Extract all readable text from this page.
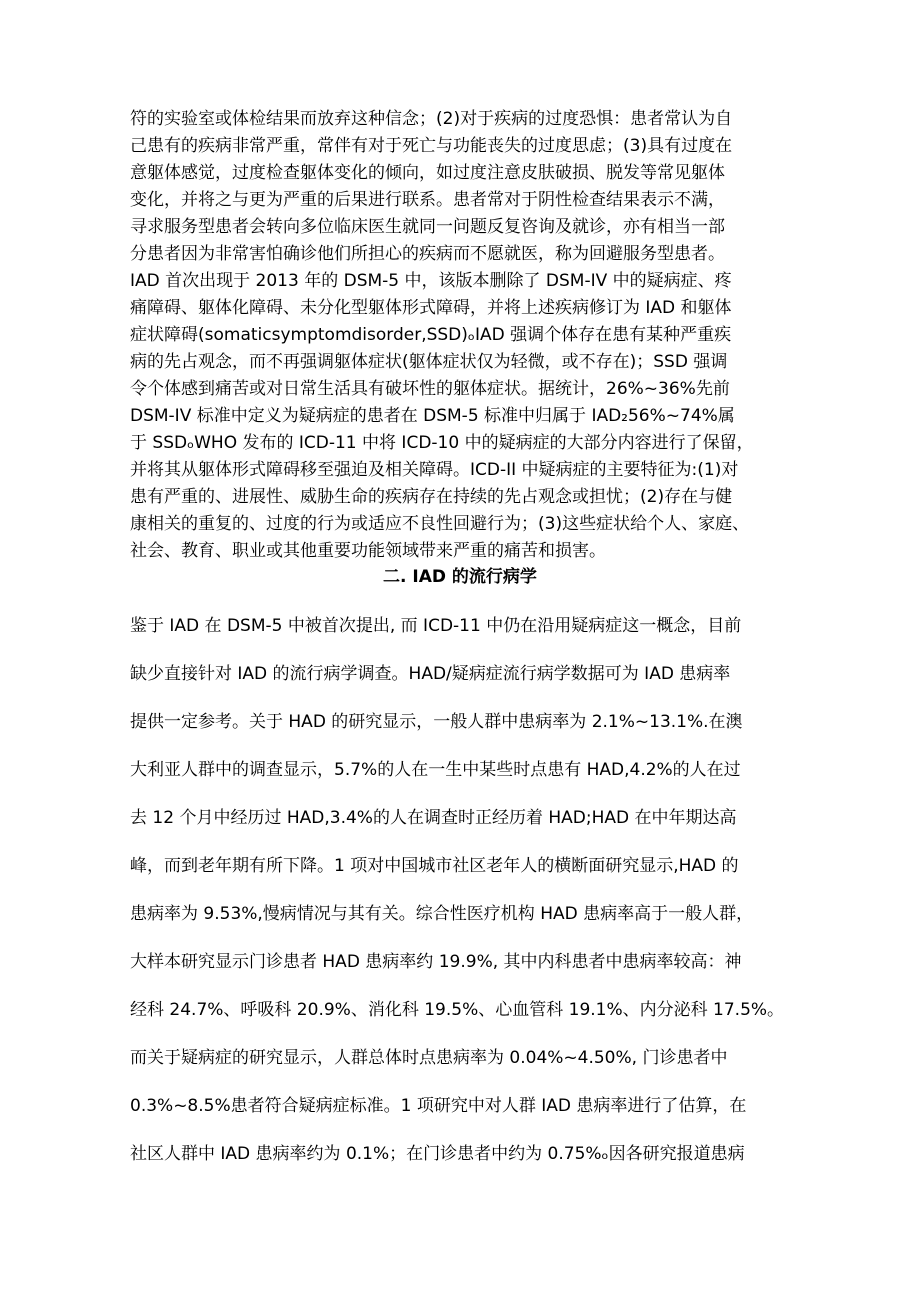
符的实验室或体检结果而放弃这种信念；(2)对于疾病的过度恐惧：患者常认为自
己患有的疾病非常严重，常伴有对于死亡与功能丧失的过度思虑；(3)具有过度在
意躯体感觉，过度检查躯体变化的倾向，如过度注意皮肤破损、脱发等常见躯体
变化，并将之与更为严重的后果进行联系。患者常对于阴性检查结果表示不满，
寻求服务型患者会转向多位临床医生就同一问题反复咨询及就诊，亦有相当一部
分患者因为非常害怕确诊他们所担心的疾病而不愿就医，称为回避服务型患者。
IAD 首次出现于 2013 年的 DSM-5 中，该版本删除了 DSM-IV 中的疑病症、疼
痛障碍、躯体化障碍、未分化型躯体形式障碍，并将上述疾病修订为 IAD 和躯体
症状障碍(somaticsymptomdisorder,SSD)ₒIAD 强调个体存在患有某种严重疾
病的先占观念，而不再强调躯体症状(躯体症状仅为轻微，或不存在)；SSD 强调
令个体感到痛苦或对日常生活具有破坏性的躯体症状。据统计，26%~36%先前
DSM-IV 标准中定义为疑病症的患者在 DSM-5 标准中归属于 IAD₂56%~74%属
于 SSDₒWHO 发布的 ICD-11 中将 ICD-10 中的疑病症的大部分内容进行了保留，
并将其从躯体形式障碍移至强迫及相关障碍。ICD-II 中疑病症的主要特征为:(1)对
患有严重的、进展性、威胁生命的疾病存在持续的先占观念或担忧；(2)存在与健
康相关的重复的、过度的行为或适应不良性回避行为；(3)这些症状给个人、家庭、
社会、教育、职业或其他重要功能领域带来严重的痛苦和损害。
二. IAD 的流行病学
鉴于 IAD 在 DSM-5 中被首次提出, 而 ICD-11 中仍在沿用疑病症这一概念，目前
缺少直接针对 IAD 的流行病学调查。HAD/疑病症流行病学数据可为 IAD 患病率
提供一定参考。关于 HAD 的研究显示，一般人群中患病率为 2.1%~13.1%.在澳
大利亚人群中的调查显示，5.7%的人在一生中某些时点患有 HAD,4.2%的人在过
去 12 个月中经历过 HAD,3.4%的人在调查时正经历着 HAD;HAD 在中年期达高
峰，而到老年期有所下降。1 项对中国城市社区老年人的横断面研究显示,HAD 的
患病率为 9.53%,慢病情况与其有关。综合性医疗机构 HAD 患病率高于一般人群，
大样本研究显示门诊患者 HAD 患病率约 19.9%, 其中内科患者中患病率较高：神
经科 24.7%、呼吸科 20.9%、消化科 19.5%、心血管科 19.1%、内分泌科 17.5%。
而关于疑病症的研究显示，人群总体时点患病率为 0.04%~4.50%, 门诊患者中
0.3%~8.5%患者符合疑病症标准。1 项研究中对人群 IAD 患病率进行了估算，在
社区人群中 IAD 患病率约为 0.1%；在门诊患者中约为 0.75%ₒ因各研究报道患病
